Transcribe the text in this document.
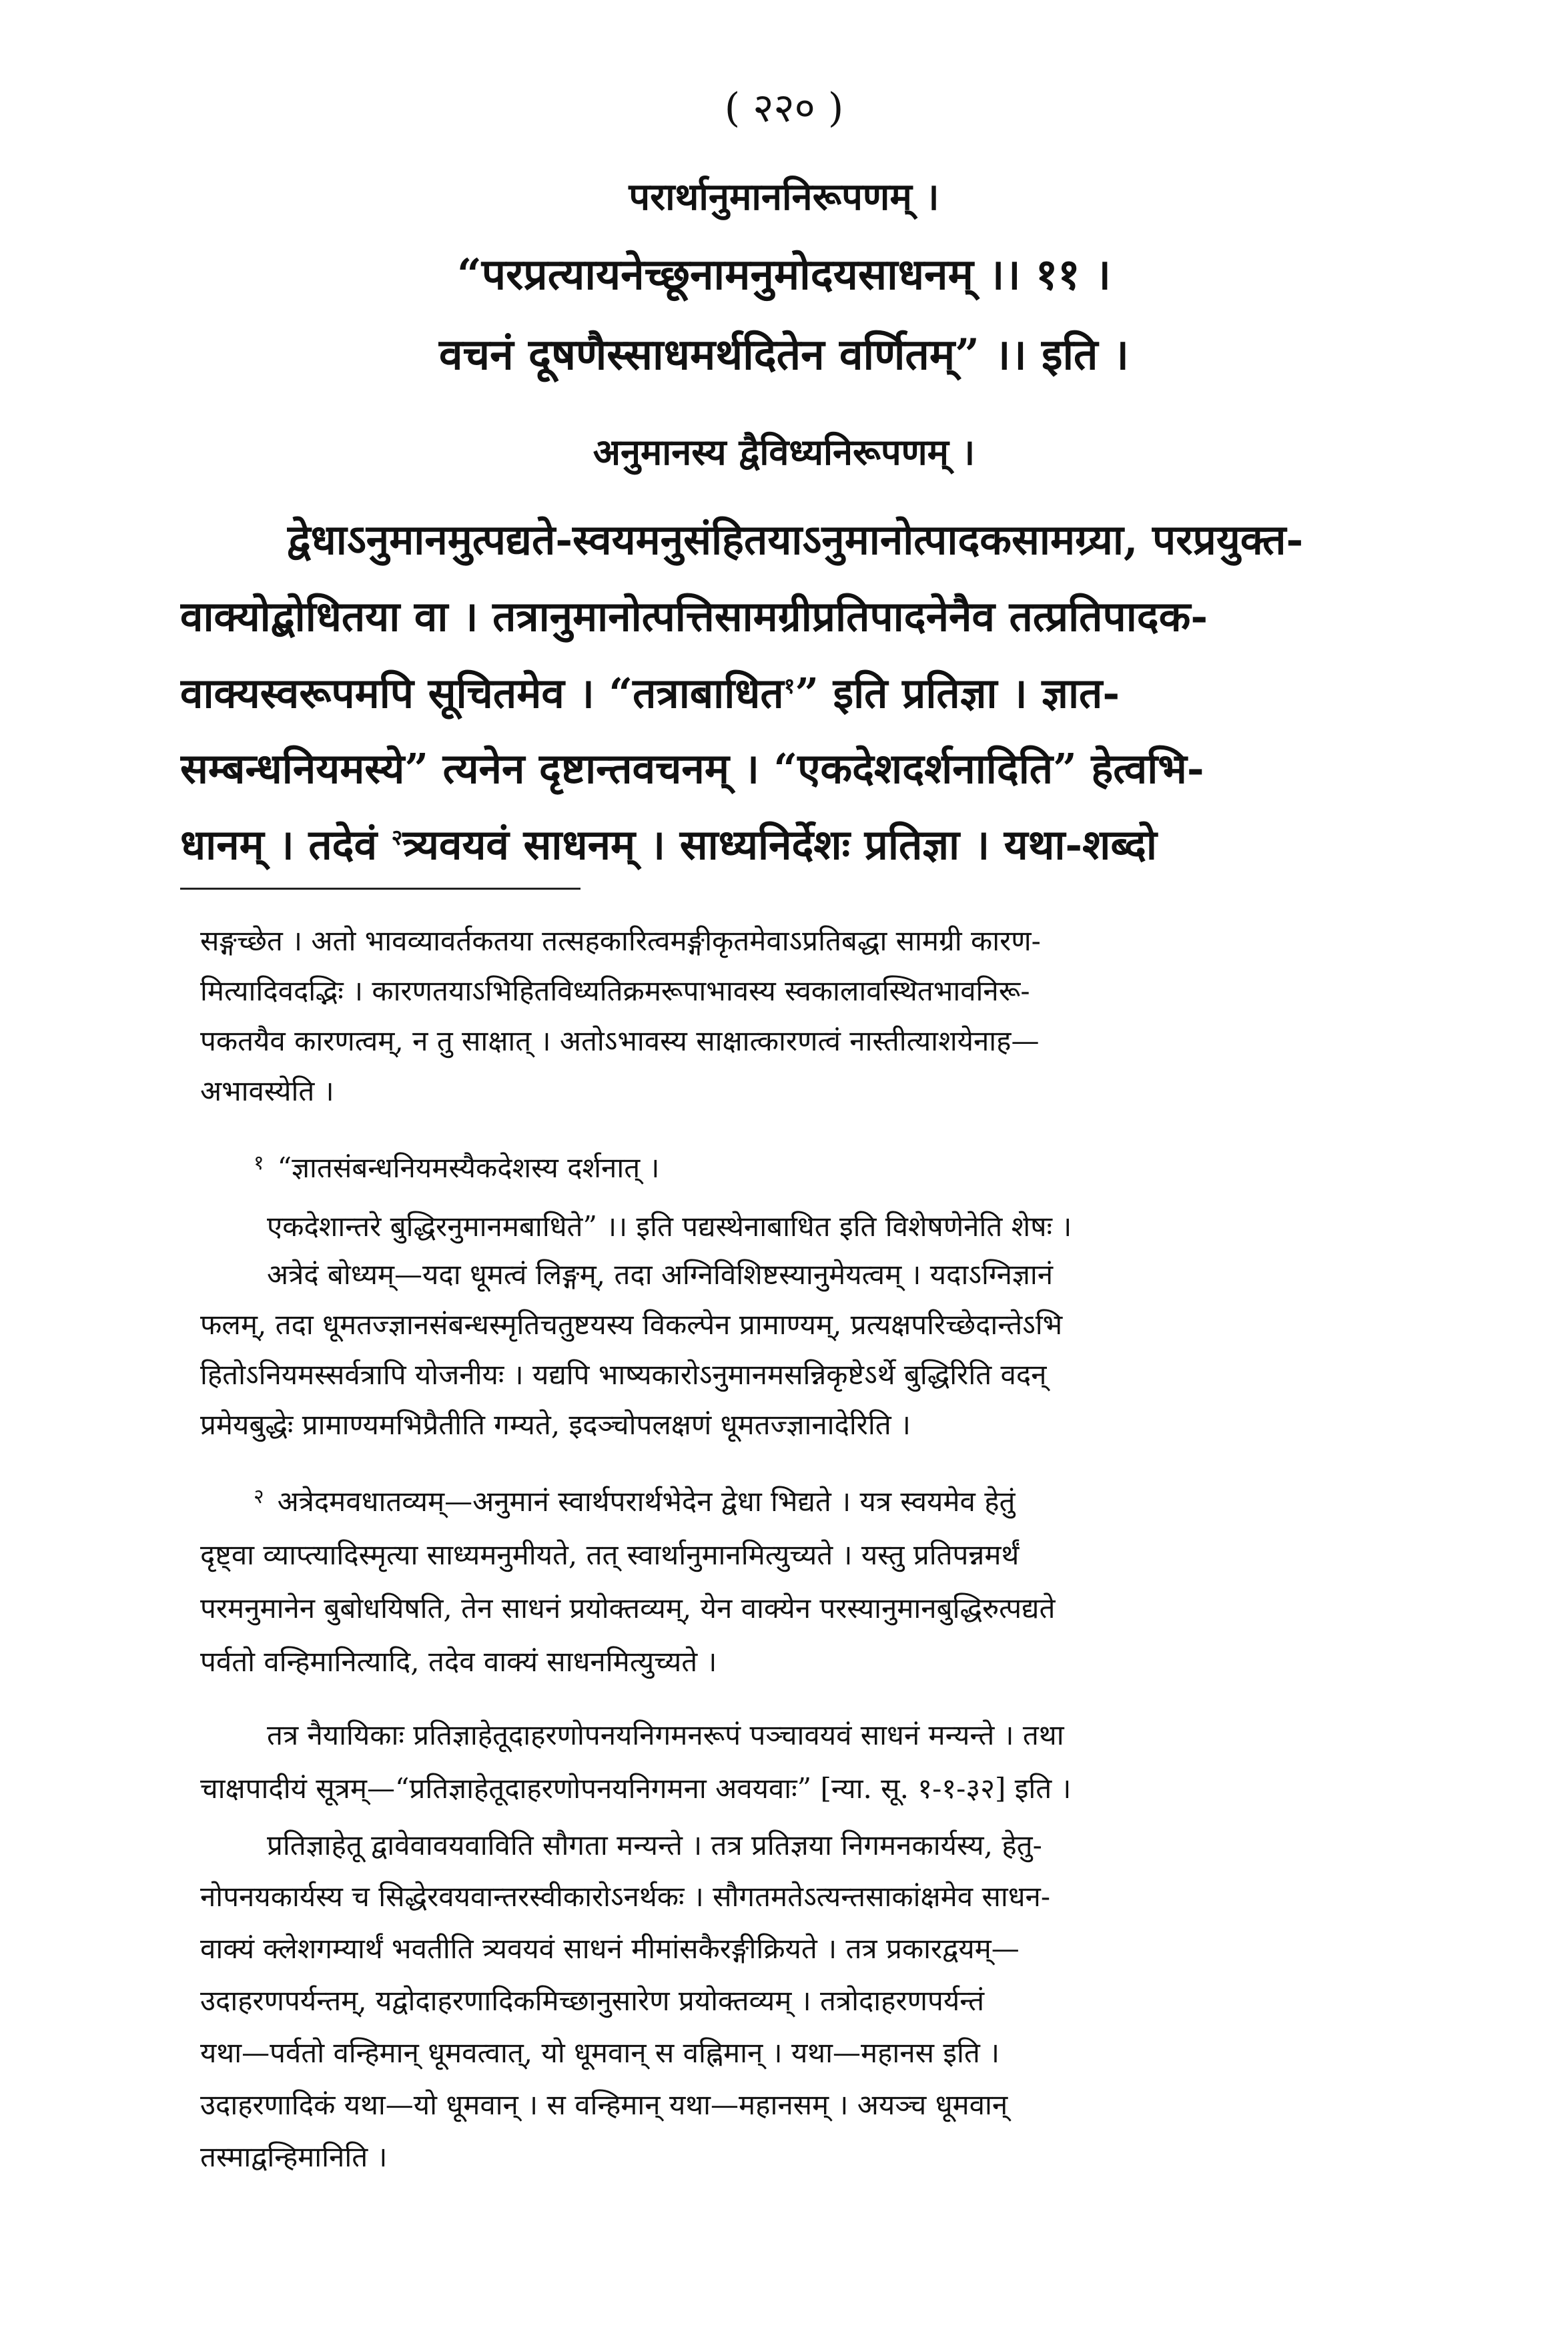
( २२० )
परार्थानुमाननिरूपणम् ।
“परप्रत्यायनेच्छूनामनुमोदयसाधनम् ।। ११ ।
वचनं दूषणैस्साधमर्थदितेन वर्णितम्” ।। इति ।
अनुमानस्य द्वैविध्यनिरूपणम् ।
द्वेधाऽनुमानमुत्पद्यते-स्वयमनुसंहितयाऽनुमानोत्पादकसामग्र्या, परप्रयुक्त-
वाक्योद्बोधितया वा । तत्रानुमानोत्पत्तिसामग्रीप्रतिपादनेनैव तत्प्रतिपादक-
वाक्यस्वरूपमपि सूचितमेव । “तत्राबाधित$^१$” इति प्रतिज्ञा । ज्ञात-
सम्बन्धनियमस्ये” त्यनेन दृष्टान्तवचनम् । “एकदेशदर्शनादिति” हेत्वभि-
धानम् । तदेवं $^२$त्र्यवयवं साधनम् । साध्यनिर्देशः प्रतिज्ञा । यथा-शब्दो
सङ्गच्छेत । अतो भावव्यावर्तकतया तत्सहकारित्वमङ्गीकृतमेवाऽप्रतिबद्धा सामग्री कारण-
मित्यादिवदद्भिः । कारणतयाऽभिहितविध्यतिक्रमरूपाभावस्य स्वकालावस्थितभावनिरू-
पकतयैव कारणत्वम्, न तु साक्षात् । अतोऽभावस्य साक्षात्कारणत्वं नास्तीत्याशयेनाह—
अभावस्येति ।
१ “ज्ञातसंबन्धनियमस्यैकदेशस्य दर्शनात् ।
एकदेशान्तरे बुद्धिरनुमानमबाधिते” ।। इति पद्यस्थेनाबाधित इति विशेषणेनेति शेषः ।
अत्रेदं बोध्यम्—यदा धूमत्वं लिङ्गम्, तदा अग्निविशिष्टस्यानुमेयत्वम् । यदाऽग्निज्ञानं
फलम्, तदा धूमतज्ज्ञानसंबन्धस्मृतिचतुष्टयस्य विकल्पेन प्रामाण्यम्, प्रत्यक्षपरिच्छेदान्तेऽभि
हितोऽनियमस्सर्वत्रापि योजनीयः । यद्यपि भाष्यकारोऽनुमानमसन्निकृष्टेऽर्थे बुद्धिरिति वदन्
प्रमेयबुद्धेः प्रामाण्यमभिप्रैतीति गम्यते, इदञ्चोपलक्षणं धूमतज्ज्ञानादेरिति ।
२ अत्रेदमवधातव्यम्—अनुमानं स्वार्थपरार्थभेदेन द्वेधा भिद्यते । यत्र स्वयमेव हेतुं
दृष्ट्वा व्याप्त्यादिस्मृत्या साध्यमनुमीयते, तत् स्वार्थानुमानमित्युच्यते । यस्तु प्रतिपन्नमर्थं
परमनुमानेन बुबोधयिषति, तेन साधनं प्रयोक्तव्यम्, येन वाक्येन परस्यानुमानबुद्धिरुत्पद्यते
पर्वतो वन्हिमानित्यादि, तदेव वाक्यं साधनमित्युच्यते ।
तत्र नैयायिकाः प्रतिज्ञाहेतूदाहरणोपनयनिगमनरूपं पञ्चावयवं साधनं मन्यन्ते । तथा
चाक्षपादीयं सूत्रम्—“प्रतिज्ञाहेतूदाहरणोपनयनिगमना अवयवाः” [न्या. सू. १-१-३२] इति ।
प्रतिज्ञाहेतू द्वावेवावयवाविति सौगता मन्यन्ते । तत्र प्रतिज्ञया निगमनकार्यस्य, हेतु-
नोपनयकार्यस्य च सिद्धेरवयवान्तरस्वीकारोऽनर्थकः । सौगतमतेऽत्यन्तसाकांक्षमेव साधन-
वाक्यं क्लेशगम्यार्थं भवतीति त्र्यवयवं साधनं मीमांसकैरङ्गीक्रियते । तत्र प्रकारद्वयम्—
उदाहरणपर्यन्तम्, यद्वोदाहरणादिकमिच्छानुसारेण प्रयोक्तव्यम् । तत्रोदाहरणपर्यन्तं
यथा—पर्वतो वन्हिमान् धूमवत्वात्, यो धूमवान् स वह्निमान् । यथा—महानस इति ।
उदाहरणादिकं यथा—यो धूमवान् । स वन्हिमान् यथा—महानसम् । अयञ्च धूमवान्
तस्माद्वन्हिमानिति ।
